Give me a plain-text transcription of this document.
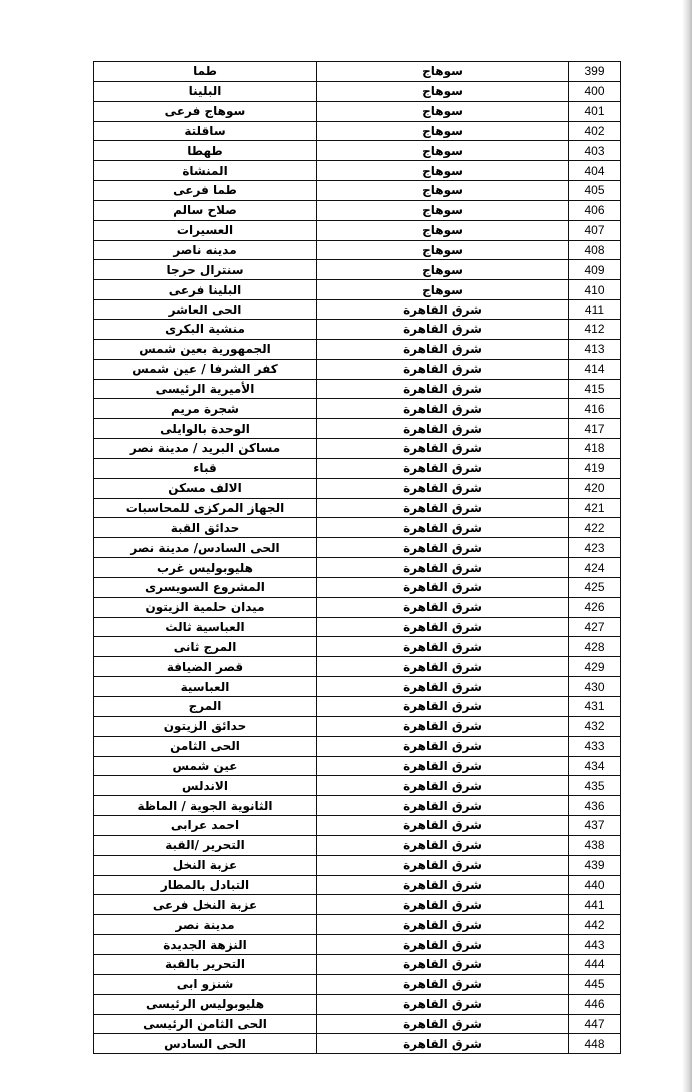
طما	سوهاج	399
البلينا	سوهاج	400
سوهاج فرعى	سوهاج	401
ساقلتة	سوهاج	402
طهطا	سوهاج	403
المنشاة	سوهاج	404
طما فرعى	سوهاج	405
صلاح سالم	سوهاج	406
العسيرات	سوهاج	407
مدينه ناصر	سوهاج	408
سنترال حرجا	سوهاج	409
البلينا فرعى	سوهاج	410
الحى العاشر	شرق القاهرة	411
منشية البكرى	شرق القاهرة	412
الجمهورية بعين شمس	شرق القاهرة	413
كفر الشرفا / عين شمس	شرق القاهرة	414
الأميرية الرئيسى	شرق القاهرة	415
شجرة مريم	شرق القاهرة	416
الوحدة بالوايلى	شرق القاهرة	417
مساكن البريد / مدينة نصر	شرق القاهرة	418
قباء	شرق القاهرة	419
الالف مسكن	شرق القاهرة	420
الجهاز المركزى للمحاسبات	شرق القاهرة	421
حدائق القبة	شرق القاهرة	422
الحى السادس/ مدينة نصر	شرق القاهرة	423
هليوبوليس غرب	شرق القاهرة	424
المشروع السويسرى	شرق القاهرة	425
ميدان حلمية الزيتون	شرق القاهرة	426
العباسية ثالث	شرق القاهرة	427
المرج ثانى	شرق القاهرة	428
قصر الضيافة	شرق القاهرة	429
العباسية	شرق القاهرة	430
المرج	شرق القاهرة	431
حدائق الزيتون	شرق القاهرة	432
الحى الثامن	شرق القاهرة	433
عين شمس	شرق القاهرة	434
الاندلس	شرق القاهرة	435
الثانوية الجوية / الماظة	شرق القاهرة	436
احمد عرابى	شرق القاهرة	437
التحرير /القبة	شرق القاهرة	438
عزبة النخل	شرق القاهرة	439
التبادل بالمطار	شرق القاهرة	440
عزبة النخل فرعى	شرق القاهرة	441
مدينة نصر	شرق القاهرة	442
النزهة الجديدة	شرق القاهرة	443
التحرير بالقبة	شرق القاهرة	444
شنزو ابى	شرق القاهرة	445
هليوبوليس الرئيسى	شرق القاهرة	446
الحى الثامن الرئيسى	شرق القاهرة	447
الحى السادس	شرق القاهرة	448
